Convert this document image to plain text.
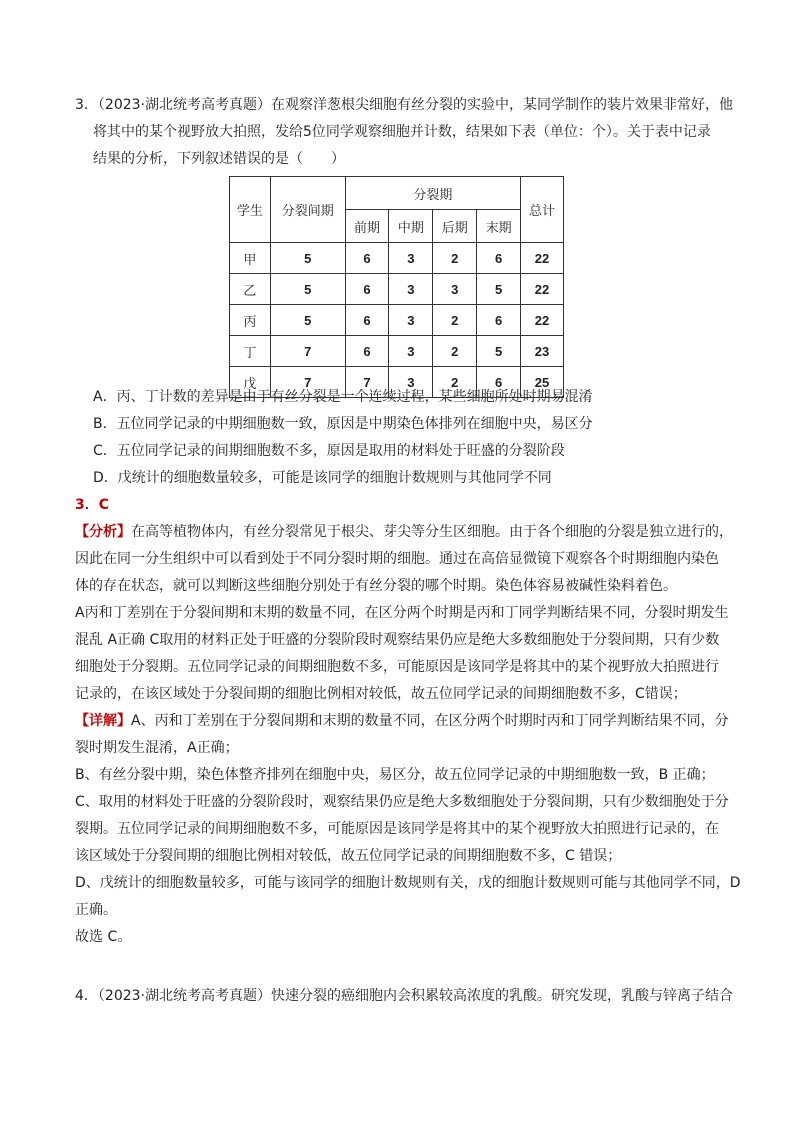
3．（2023·湖北统考高考真题）在观察洋葱根尖细胞有丝分裂的实验中，某同学制作的装片效果非常好，他
将其中的某个视野放大拍照，发给5位同学观察细胞并计数，结果如下表（单位：个）。关于表中记录
结果的分析，下列叙述错误的是（　　）
学生	分裂间期	分裂期				总计
		前期	中期	后期	末期	
甲	5	6	3	2	6	22
乙	5	6	3	3	5	22
丙	5	6	3	2	6	22
丁	7	6	3	2	5	23
戊	7	7	3	2	6	25
A．丙、丁计数的差异是由于有丝分裂是一个连续过程，某些细胞所处时期易混淆
B．五位同学记录的中期细胞数一致，原因是中期染色体排列在细胞中央，易区分
C．五位同学记录的间期细胞数不多，原因是取用的材料处于旺盛的分裂阶段
D．戊统计的细胞数量较多，可能是该同学的细胞计数规则与其他同学不同
3．C
【分析】在高等植物体内，有丝分裂常见于根尖、芽尖等分生区细胞。由于各个细胞的分裂是独立进行的，
因此在同一分生组织中可以看到处于不同分裂时期的细胞。通过在高倍显微镜下观察各个时期细胞内染色
体的存在状态，就可以判断这些细胞分别处于有丝分裂的哪个时期。染色体容易被碱性染料着色。
A丙和丁差别在于分裂间期和末期的数量不同，在区分两个时期是丙和丁同学判断结果不同，分裂时期发生
混乱 A正确 C取用的材料正处于旺盛的分裂阶段时观察结果仍应是绝大多数细胞处于分裂间期，只有少数
细胞处于分裂期。五位同学记录的间期细胞数不多，可能原因是该同学是将其中的某个视野放大拍照进行
记录的，在该区域处于分裂间期的细胞比例相对较低，故五位同学记录的间期细胞数不多，C错误；
【详解】A、丙和丁差别在于分裂间期和末期的数量不同，在区分两个时期时丙和丁同学判断结果不同，分
裂时期发生混淆，A正确；
B、有丝分裂中期，染色体整齐排列在细胞中央，易区分，故五位同学记录的中期细胞数一致，B 正确；
C、取用的材料处于旺盛的分裂阶段时，观察结果仍应是绝大多数细胞处于分裂间期，只有少数细胞处于分
裂期。五位同学记录的间期细胞数不多，可能原因是该同学是将其中的某个视野放大拍照进行记录的，在
该区域处于分裂间期的细胞比例相对较低，故五位同学记录的间期细胞数不多，C 错误；
D、戊统计的细胞数量较多，可能与该同学的细胞计数规则有关，戊的细胞计数规则可能与其他同学不同，D
正确。
故选 C。
4．（2023·湖北统考高考真题）快速分裂的癌细胞内会积累较高浓度的乳酸。研究发现，乳酸与锌离子结合
